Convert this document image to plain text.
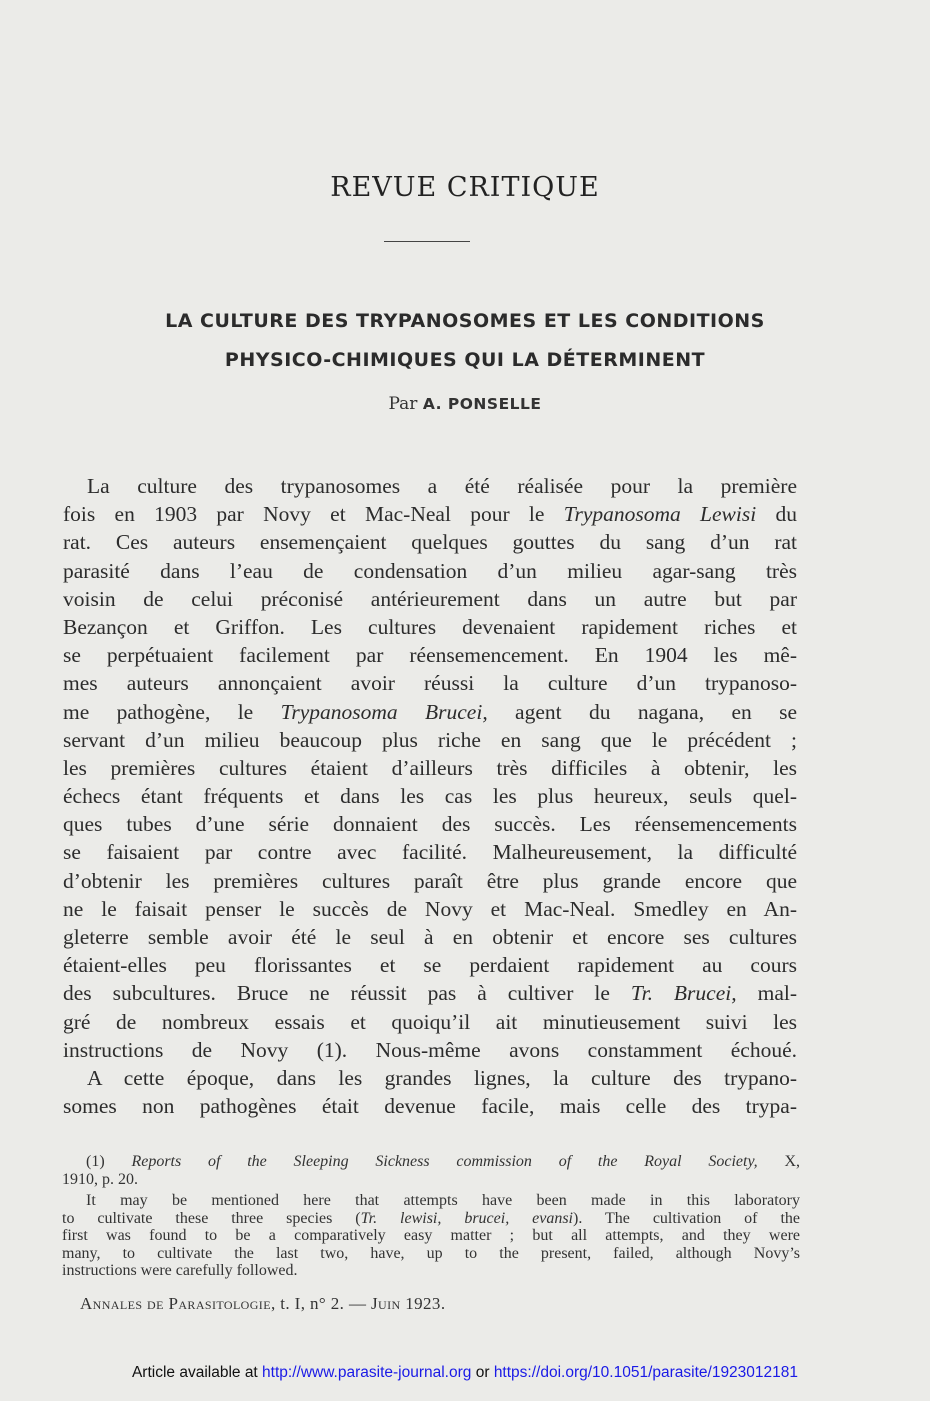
REVUE CRITIQUE
LA CULTURE DES TRYPANOSOMES ET LES CONDITIONS
PHYSICO-CHIMIQUES QUI LA DÉTERMINENT
Par A. PONSELLE
La culture des trypanosomes a été réalisée pour la première
fois en 1903 par Novy et Mac-Neal pour le Trypanosoma Lewisi du
rat. Ces auteurs ensemençaient quelques gouttes du sang d’un rat
parasité dans l’eau de condensation d’un milieu agar-sang très
voisin de celui préconisé antérieurement dans un autre but par
Bezançon et Griffon. Les cultures devenaient rapidement riches et
se perpétuaient facilement par réensemencement. En 1904 les mê-
mes auteurs annonçaient avoir réussi la culture d’un trypanoso-
me pathogène, le Trypanosoma Brucei, agent du nagana, en se
servant d’un milieu beaucoup plus riche en sang que le précédent ;
les premières cultures étaient d’ailleurs très difficiles à obtenir, les
échecs étant fréquents et dans les cas les plus heureux, seuls quel-
ques tubes d’une série donnaient des succès. Les réensemencements
se faisaient par contre avec facilité. Malheureusement, la difficulté
d’obtenir les premières cultures paraît être plus grande encore que
ne le faisait penser le succès de Novy et Mac-Neal. Smedley en An-
gleterre semble avoir été le seul à en obtenir et encore ses cultures
étaient-elles peu florissantes et se perdaient rapidement au cours
des subcultures. Bruce ne réussit pas à cultiver le Tr. Brucei, mal-
gré de nombreux essais et quoiqu’il ait minutieusement suivi les
instructions de Novy (1). Nous-même avons constamment échoué.
A cette époque, dans les grandes lignes, la culture des trypano-
somes non pathogènes était devenue facile, mais celle des trypa-
(1) Reports of the Sleeping Sickness commission of the Royal Society, X,
1910, p. 20.
It may be mentioned here that attempts have been made in this laboratory
to cultivate these three species (Tr. lewisi, brucei, evansi). The cultivation of the
first was found to be a comparatively easy matter ; but all attempts, and they were
many, to cultivate the last two, have, up to the present, failed, although Novy’s
instructions were carefully followed.
Annales de Parasitologie, t. I, n° 2. — Juin 1923.
Article available at http://www.parasite-journal.org or https://doi.org/10.1051/parasite/1923012181
